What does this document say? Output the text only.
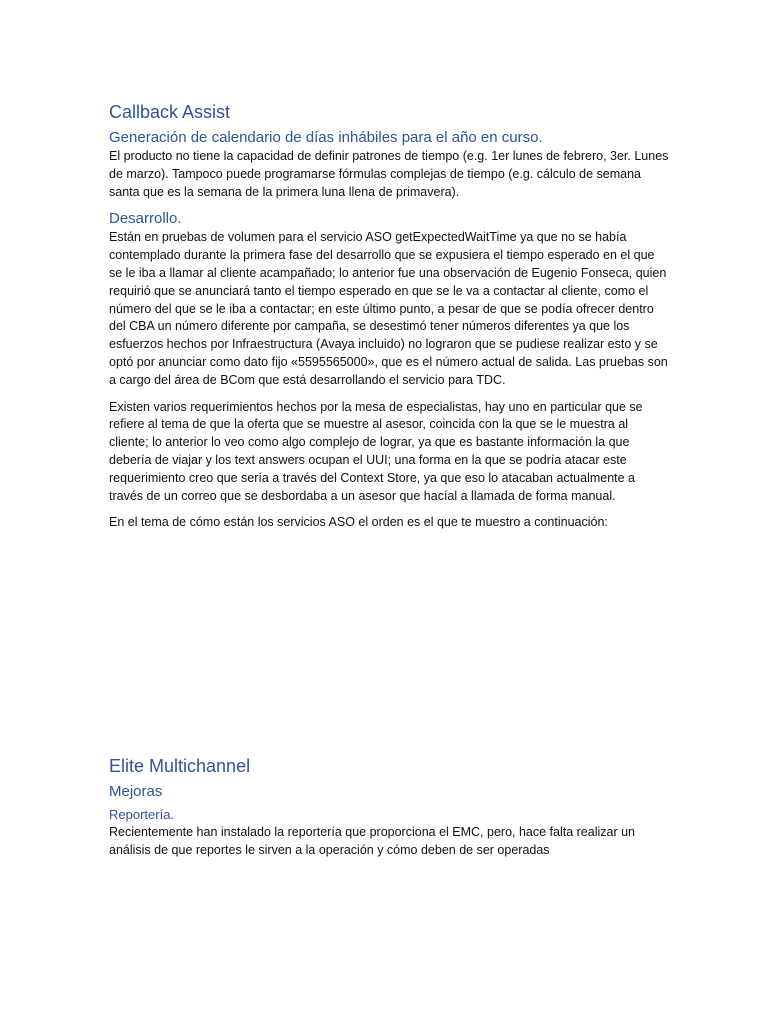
Callback Assist
Generación de calendario de días inhábiles para el año en curso.

El producto no tiene la capacidad de definir patrones de tiempo (e.g. 1er lunes de febrero, 3er. Lunes de marzo). Tampoco puede programarse fórmulas complejas de tiempo (e.g. cálculo de semana santa que es la semana de la primera luna llena de primavera).

Desarrollo.

Están en pruebas de volumen para el servicio ASO getExpectedWaitTime ya que no se había contemplado durante la primera fase del desarrollo que se expusiera el tiempo esperado en el que se le iba a llamar al cliente acampañado; lo anterior fue una observación de Eugenio Fonseca, quien requirió que se anunciará tanto el tiempo esperado en que se le va a contactar al cliente, como el número del que se le iba a contactar; en este último punto, a pesar de que se podía ofrecer dentro del CBA un número diferente por campaña, se desestimó tener números diferentes ya que los esfuerzos hechos por Infraestructura (Avaya incluido) no lograron que se pudiese realizar esto y se optó por anunciar como dato fijo «5595565000», que es el número actual de salida. Las pruebas son a cargo del área de BCom que está desarrollando el servicio para TDC.

Existen varios requerimientos hechos por la mesa de especialistas, hay uno en particular que se refiere al tema de que la oferta que se muestre al asesor, coincida con la que se le muestra al cliente; lo anterior lo veo como algo complejo de lograr, ya que es bastante información la que debería de viajar y los text answers ocupan el UUI; una forma en la que se podría atacar este requerimiento creo que sería a través del Context Store, ya que eso lo atacaban actualmente a través de un correo que se desbordaba a un asesor que hacíal a llamada de forma manual.

En el tema de cómo están los servicios ASO el orden es el que te muestro a continuación:

Elite Multichannel
Mejoras
Reportería.

Recientemente han instalado la reportería que proporciona el EMC, pero, hace falta realizar un análisis de que reportes le sirven a la operación y cómo deben de ser operadas
